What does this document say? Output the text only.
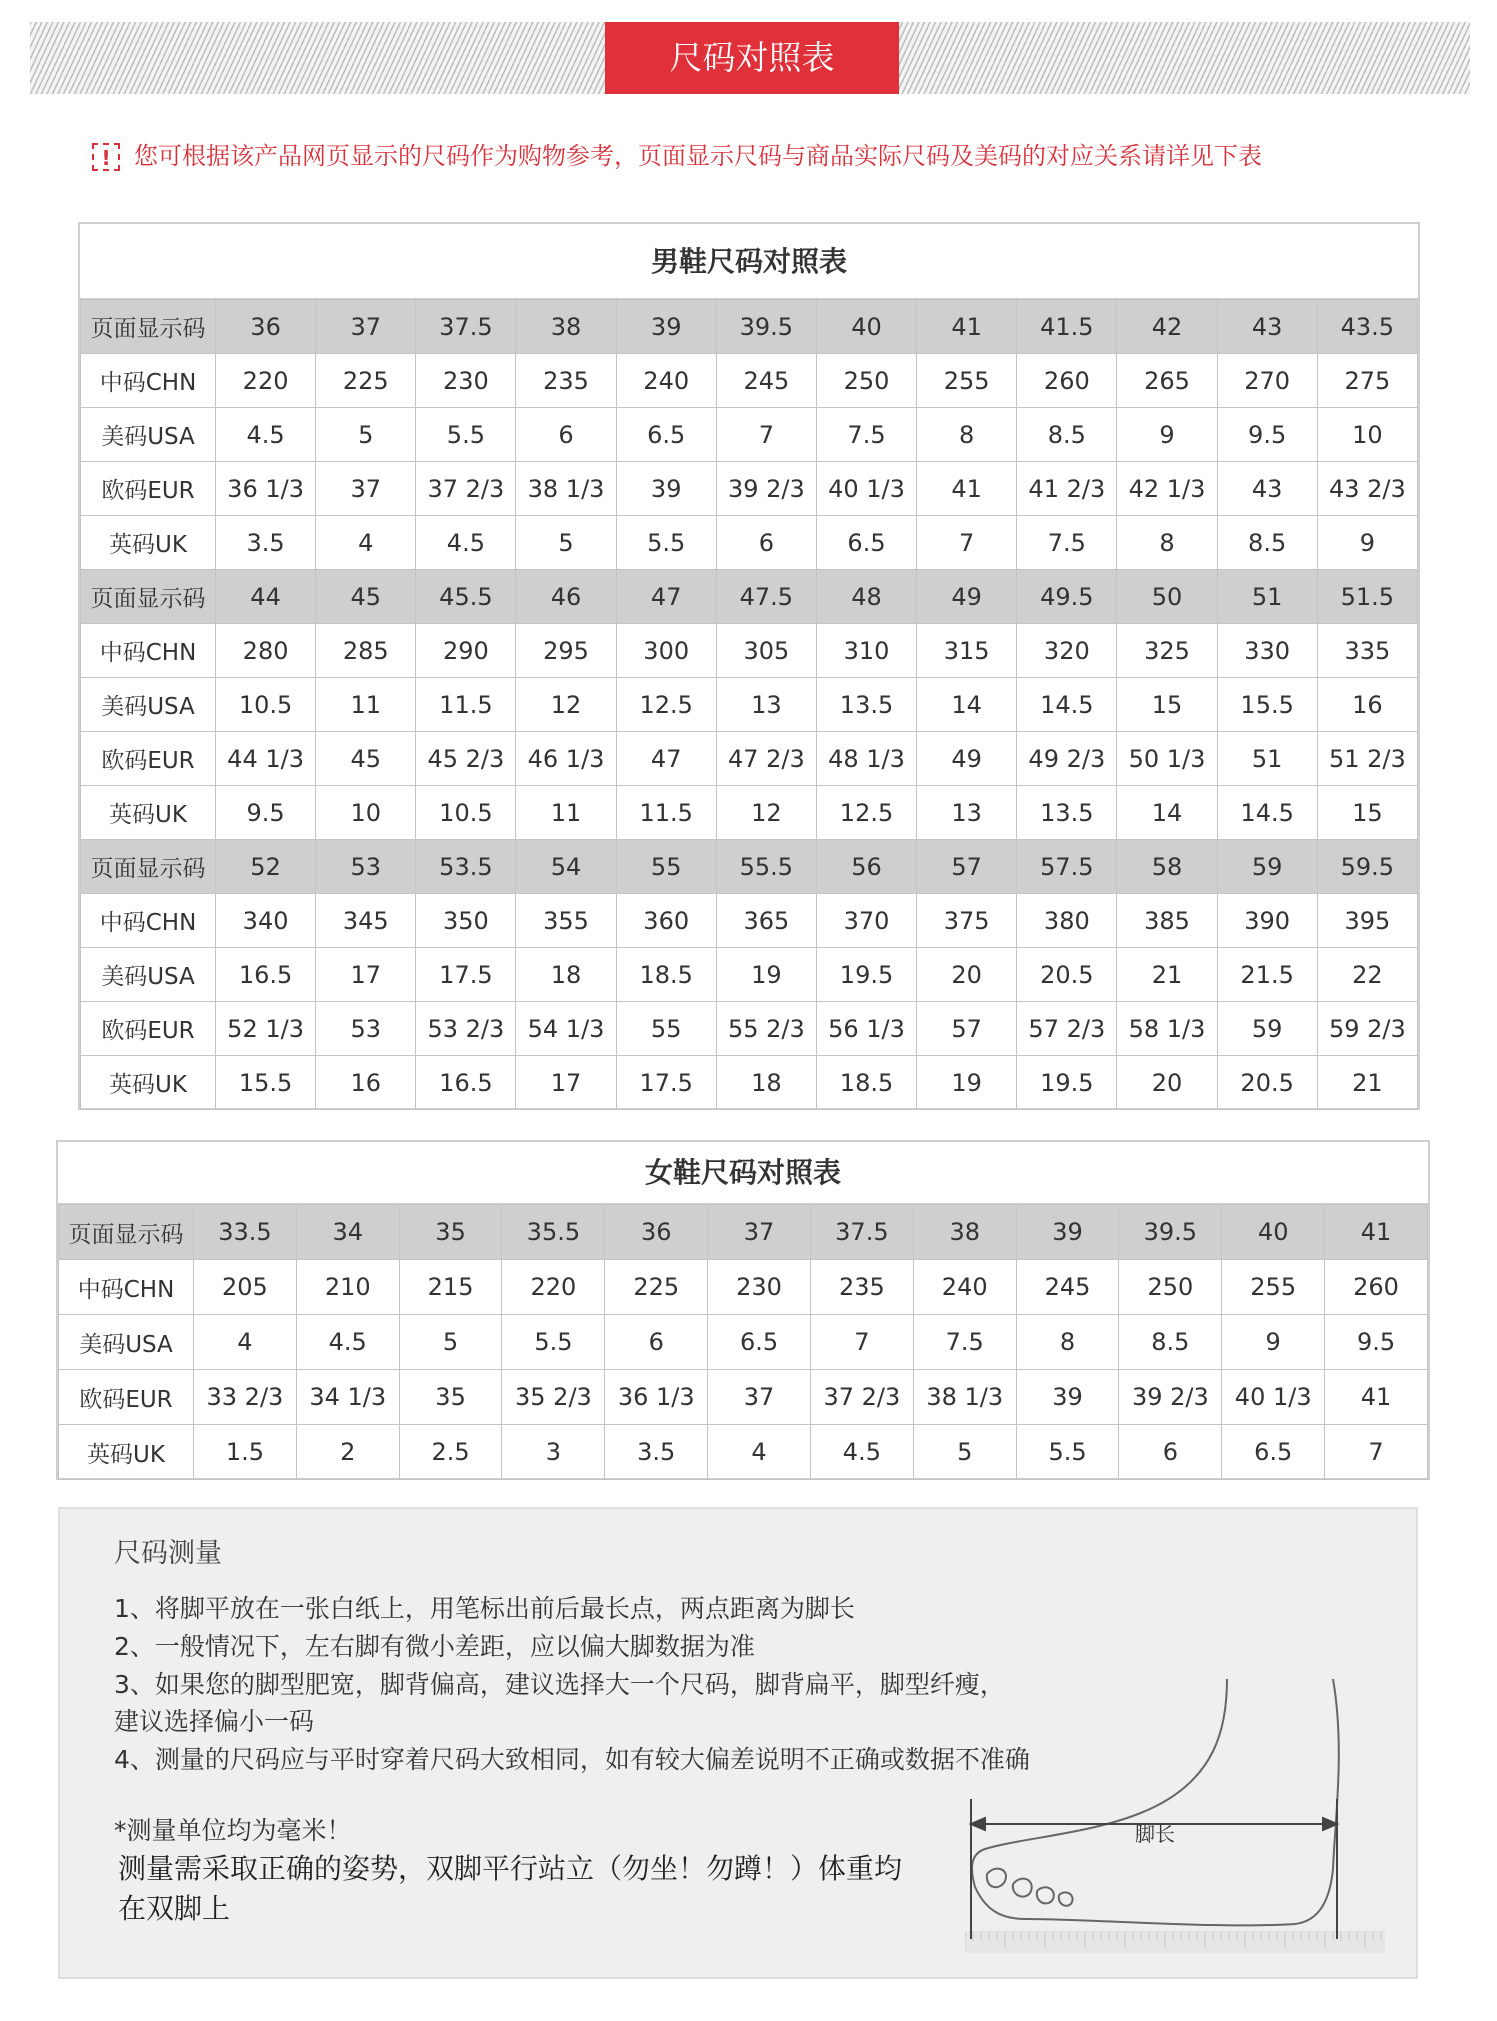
尺码对照表
! 您可根据该产品网页显示的尺码作为购物参考，页面显示尺码与商品实际尺码及美码的对应关系请详见下表
男鞋尺码对照表
页面显示码	36	37	37.5	38	39	39.5	40	41	41.5	42	43	43.5
中码CHN	220	225	230	235	240	245	250	255	260	265	270	275
美码USA	4.5	5	5.5	6	6.5	7	7.5	8	8.5	9	9.5	10
欧码EUR	36 1/3	37	37 2/3	38 1/3	39	39 2/3	40 1/3	41	41 2/3	42 1/3	43	43 2/3
英码UK	3.5	4	4.5	5	5.5	6	6.5	7	7.5	8	8.5	9
页面显示码	44	45	45.5	46	47	47.5	48	49	49.5	50	51	51.5
中码CHN	280	285	290	295	300	305	310	315	320	325	330	335
美码USA	10.5	11	11.5	12	12.5	13	13.5	14	14.5	15	15.5	16
欧码EUR	44 1/3	45	45 2/3	46 1/3	47	47 2/3	48 1/3	49	49 2/3	50 1/3	51	51 2/3
英码UK	9.5	10	10.5	11	11.5	12	12.5	13	13.5	14	14.5	15
页面显示码	52	53	53.5	54	55	55.5	56	57	57.5	58	59	59.5
中码CHN	340	345	350	355	360	365	370	375	380	385	390	395
美码USA	16.5	17	17.5	18	18.5	19	19.5	20	20.5	21	21.5	22
欧码EUR	52 1/3	53	53 2/3	54 1/3	55	55 2/3	56 1/3	57	57 2/3	58 1/3	59	59 2/3
英码UK	15.5	16	16.5	17	17.5	18	18.5	19	19.5	20	20.5	21
女鞋尺码对照表
页面显示码	33.5	34	35	35.5	36	37	37.5	38	39	39.5	40	41
中码CHN	205	210	215	220	225	230	235	240	245	250	255	260
美码USA	4	4.5	5	5.5	6	6.5	7	7.5	8	8.5	9	9.5
欧码EUR	33 2/3	34 1/3	35	35 2/3	36 1/3	37	37 2/3	38 1/3	39	39 2/3	40 1/3	41
英码UK	1.5	2	2.5	3	3.5	4	4.5	5	5.5	6	6.5	7
尺码测量
1、将脚平放在一张白纸上，用笔标出前后最长点，两点距离为脚长
2、一般情况下，左右脚有微小差距，应以偏大脚数据为准
3、如果您的脚型肥宽，脚背偏高，建议选择大一个尺码，脚背扁平，脚型纤瘦，
建议选择偏小一码
4、测量的尺码应与平时穿着尺码大致相同，如有较大偏差说明不正确或数据不准确
*测量单位均为毫米！
测量需采取正确的姿势，双脚平行站立（勿坐！勿蹲！）体重均
在双脚上
脚长
